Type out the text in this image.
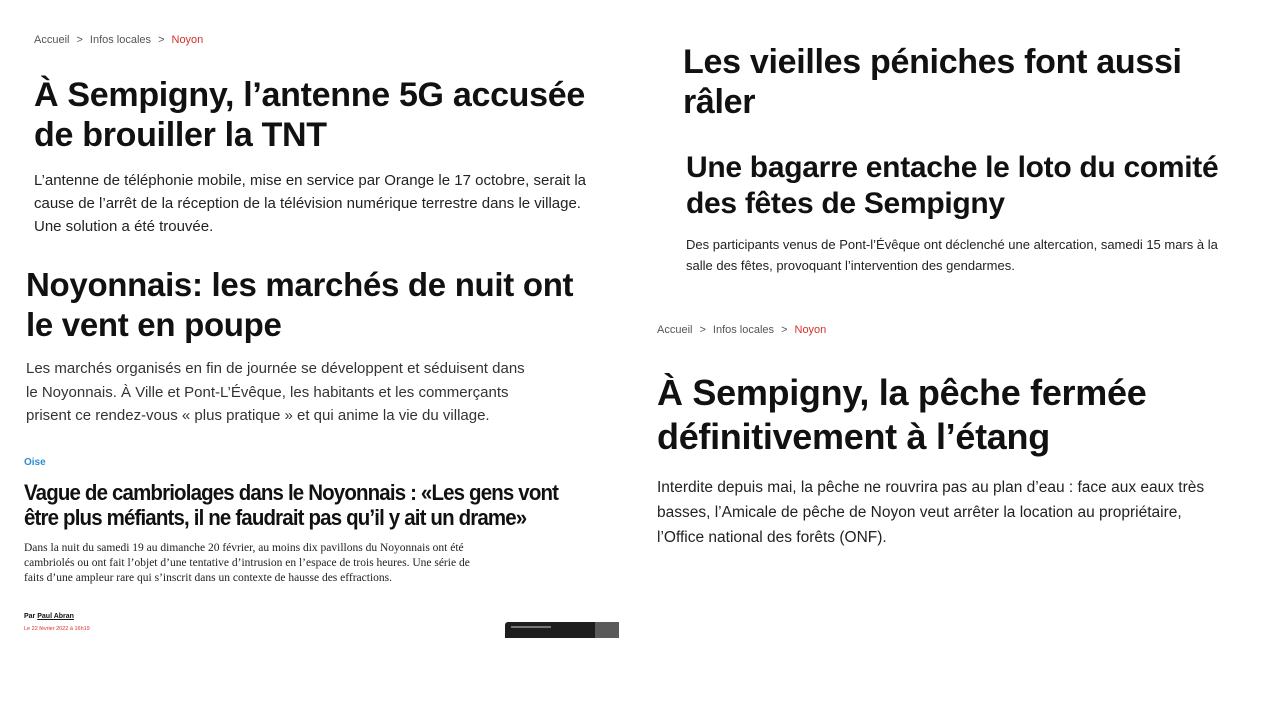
Accueil > Infos locales > Noyon
À Sempigny, l’antenne 5G accusée de brouiller la TNT

L’antenne de téléphonie mobile, mise en service par Orange le 17 octobre, serait la cause de l’arrêt de la réception de la télévision numérique terrestre dans le village. Une solution a été trouvée.

Noyonnais: les marchés de nuit ont le vent en poupe

Les marchés organisés en fin de journée se développent et séduisent dans le Noyonnais. À Ville et Pont-L’Évêque, les habitants et les commerçants prisent ce rendez-vous « plus pratique » et qui anime la vie du village.

Oise
Vague de cambriolages dans le Noyonnais : «Les gens vont être plus méfiants, il ne faudrait pas qu’il y ait un drame»

Dans la nuit du samedi 19 au dimanche 20 février, au moins dix pavillons du Noyonnais ont été cambriolés ou ont fait l’objet d’une tentative d’intrusion en l’espace de trois heures. Une série de faits d’une ampleur rare qui s’inscrit dans un contexte de hausse des effractions.

Par Paul Abran
Le 22 février 2022 à 16h19
Les vieilles péniches font aussi râler
Une bagarre entache le loto du comité des fêtes de Sempigny

Des participants venus de Pont-l’Évêque ont déclenché une altercation, samedi 15 mars à la salle des fêtes, provoquant l’intervention des gendarmes.

Accueil > Infos locales > Noyon
À Sempigny, la pêche fermée définitivement à l’étang

Interdite depuis mai, la pêche ne rouvrira pas au plan d’eau : face aux eaux très basses, l’Amicale de pêche de Noyon veut arrêter la location au propriétaire, l’Office national des forêts (ONF).
